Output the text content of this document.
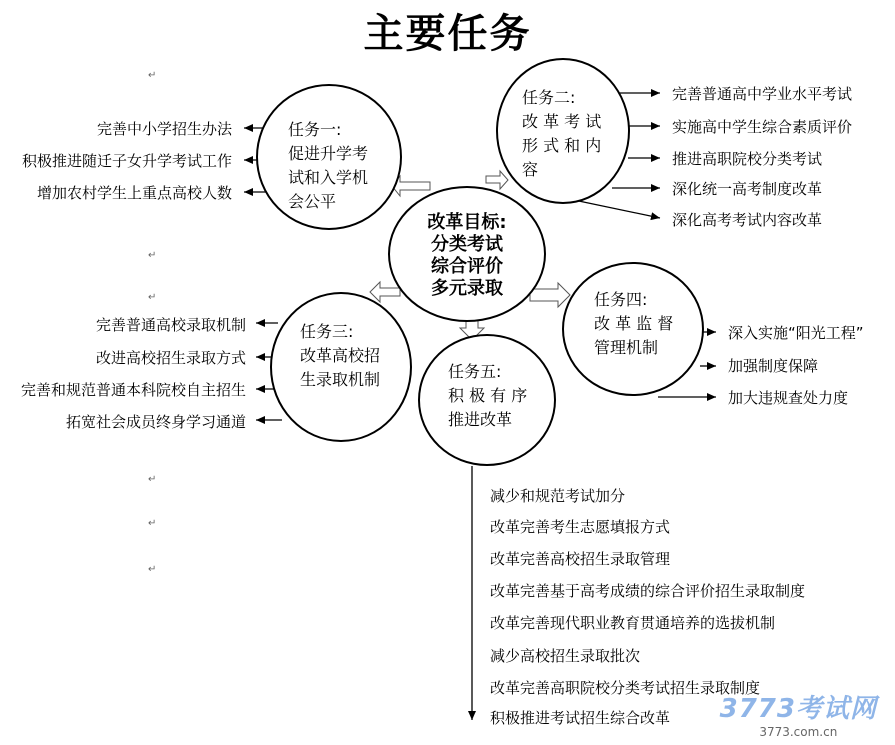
主要任务
任务一:
促进升学考
试和入学机
会公平
任务二:
改 革 考 试
形 式 和 内
容
改革目标:
分类考试
综合评价
多元录取
任务三:
改革高校招
生录取机制
任务四:
改 革 监 督
管理机制
任务五:
积 极 有 序
推进改革
完善中小学招生办法
积极推进随迁子女升学考试工作
增加农村学生上重点高校人数
完善普通高中学业水平考试
实施高中学生综合素质评价
推进高职院校分类考试
深化统一高考制度改革
深化高考考试内容改革
完善普通高校录取机制
改进高校招生录取方式
完善和规范普通本科院校自主招生
拓宽社会成员终身学习通道
深入实施“阳光工程”
加强制度保障
加大违规查处力度
减少和规范考试加分
改革完善考生志愿填报方式
改革完善高校招生录取管理
改革完善基于高考成绩的综合评价招生录取制度
改革完善现代职业教育贯通培养的选拔机制
减少高校招生录取批次
改革完善高职院校分类考试招生录取制度
积极推进考试招生综合改革
↵
↵
↵
↵
↵
↵
3773考试网
3773.com.cn
